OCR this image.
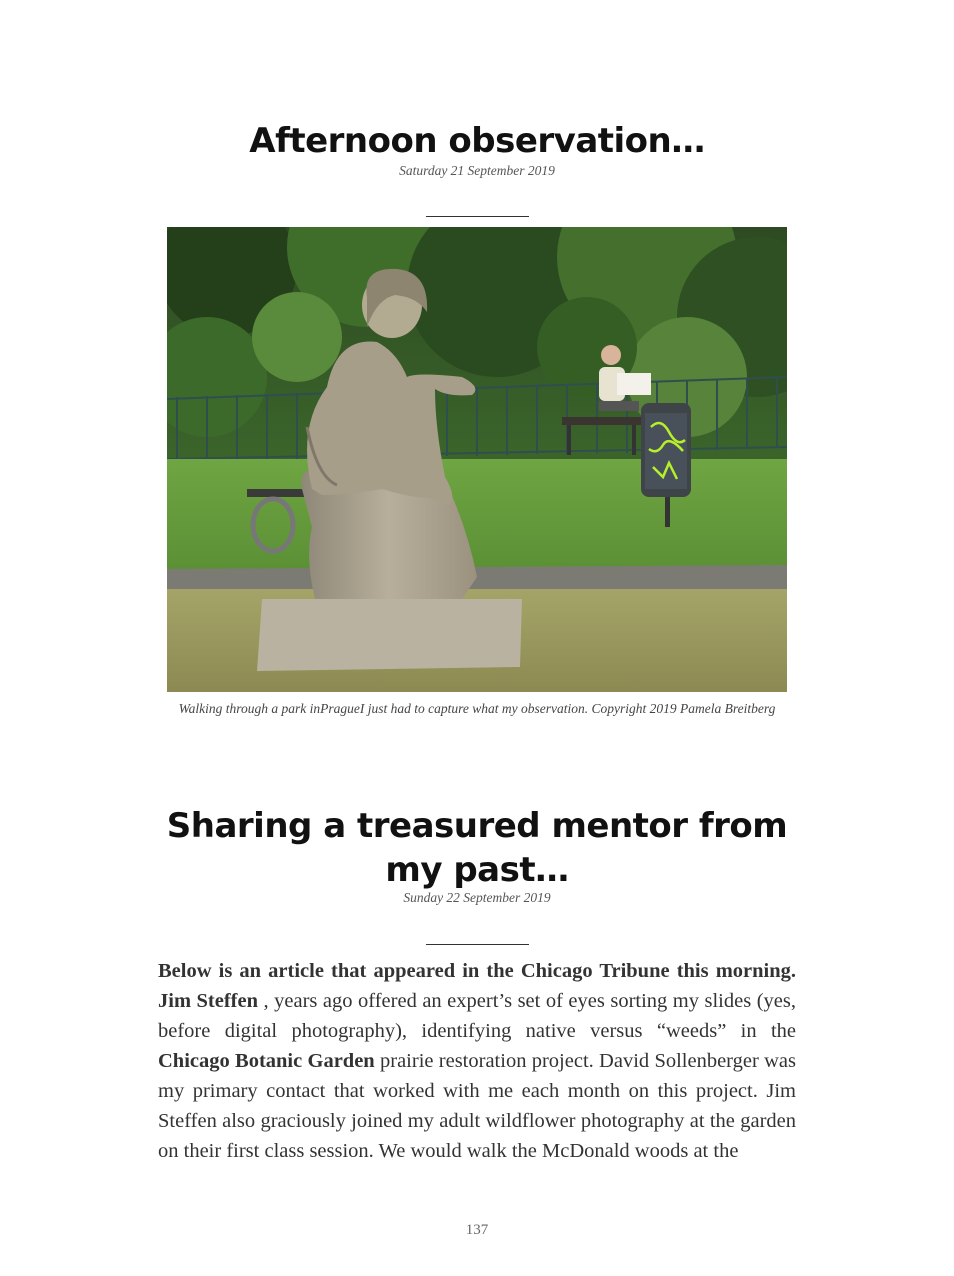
Afternoon observation…
Saturday 21 September 2019
Walking through a park inPragueI just had to capture what my observation. Copyright 2019 Pamela Breitberg
Sharing a treasured mentor from my past…
Sunday 22 September 2019
Below is an article that appeared in the Chicago Tribune this morning. Jim Steffen , years ago offered an expert’s set of eyes sorting my slides (yes, before digital photography), identifying native versus “weeds” in the Chicago Botanic Garden prairie restoration project. David Sollenberger was my primary contact that worked with me each month on this project. Jim Steffen also graciously joined my adult wildflower photography at the garden on their first class session. We would walk the McDonald woods at the
137
